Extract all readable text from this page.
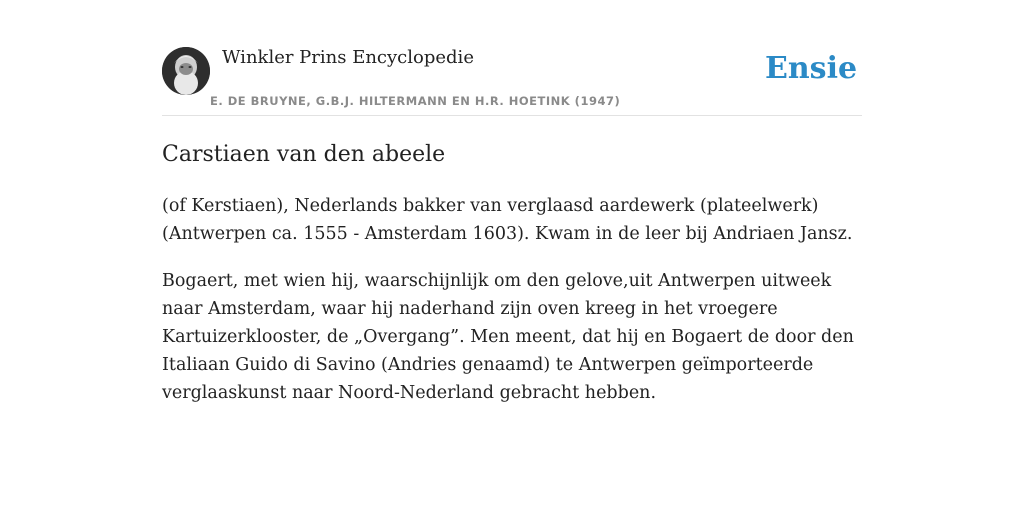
Winkler Prins Encyclopedie
E. DE BRUYNE, G.B.J. HILTERMANN EN H.R. HOETINK (1947)
Ensie
Carstiaen van den abeele

(of Kerstiaen), Nederlands bakker van verglaasd aardewerk (plateelwerk) (Antwerpen ca. 1555 - Amsterdam 1603). Kwam in de leer bij Andriaen Jansz.

Bogaert, met wien hij, waarschijnlijk om den gelove,uit Antwerpen uitweek naar Amsterdam, waar hij naderhand zijn oven kreeg in het vroegere Kartuizerklooster, de „Overgang”. Men meent, dat hij en Bogaert de door den Italiaan Guido di Savino (Andries genaamd) te Antwerpen geïmporteerde verglaaskunst naar Noord-Nederland gebracht hebben.
